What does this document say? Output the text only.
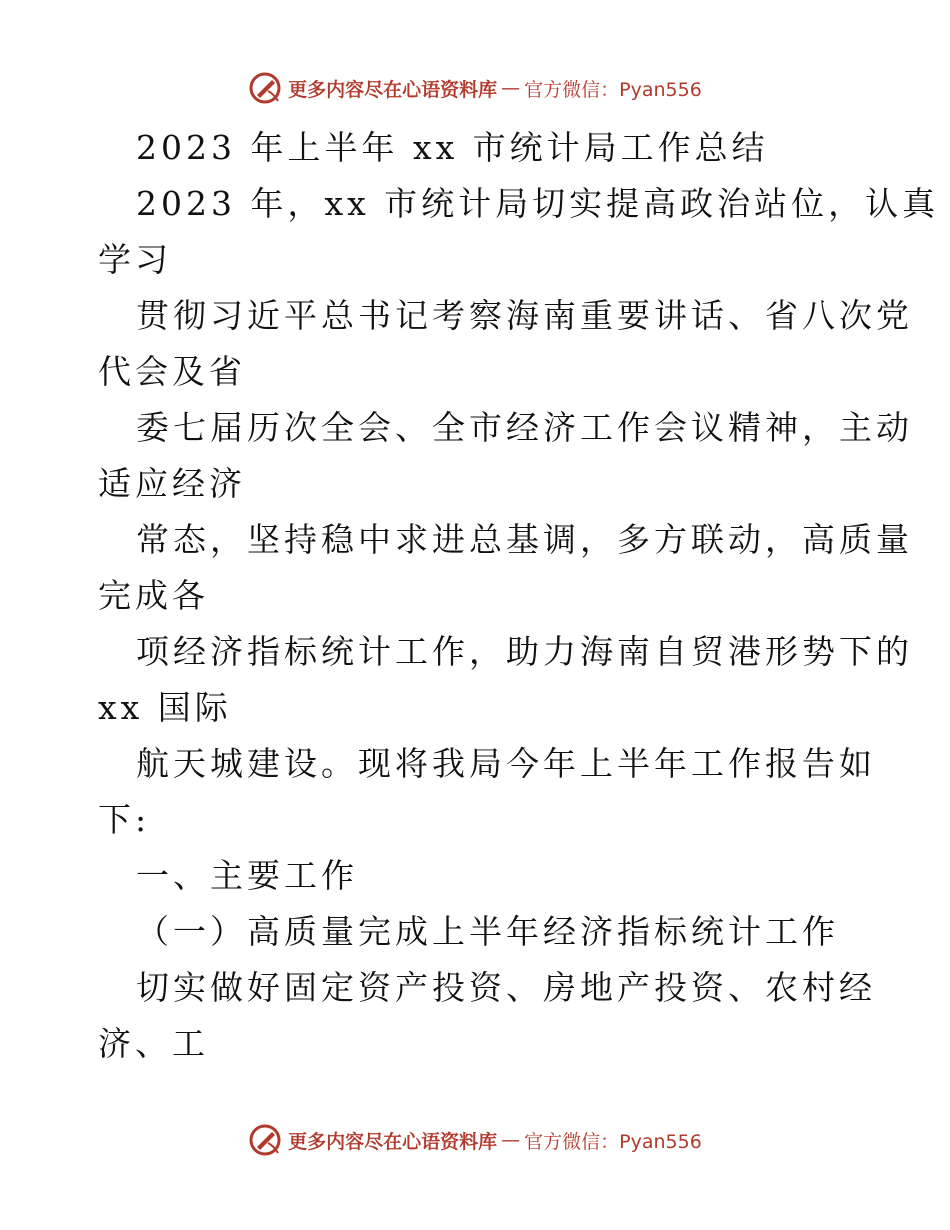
更多内容尽在心语资料库 — 官方微信：Pyan556
2023 年上半年 xx 市统计局工作总结
2023 年，xx 市统计局切实提高政治站位，认真
学习
贯彻习近平总书记考察海南重要讲话、省八次党
代会及省
委七届历次全会、全市经济工作会议精神，主动
适应经济
常态，坚持稳中求进总基调，多方联动，高质量
完成各
项经济指标统计工作，助力海南自贸港形势下的
xx 国际
航天城建设。现将我局今年上半年工作报告如
下:
一、主要工作
（一）高质量完成上半年经济指标统计工作
切实做好固定资产投资、房地产投资、农村经
济、工
更多内容尽在心语资料库 — 官方微信：Pyan556
